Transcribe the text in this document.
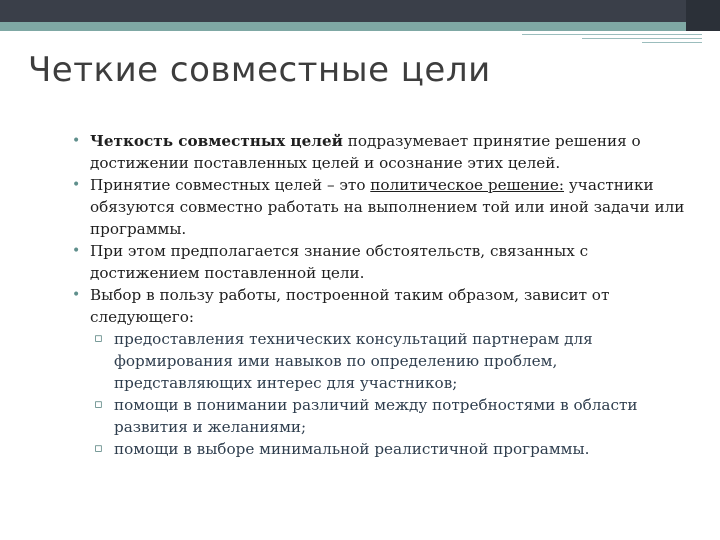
Четкие совместные цели
• Четкость совместных целей подразумевает принятие решения о достижении поставленных целей и осознание этих целей.
• Принятие совместных целей – это политическое решение: участники обязуются совместно работать на выполнением той или иной задачи или программы.
• При этом предполагается знание обстоятельств, связанных с достижением поставленной цели.
• Выбор в пользу работы, построенной таким образом, зависит от следующего:
▫ предоставления технических консультаций партнерам для формирования ими навыков по определению проблем, представляющих интерес для участников;
▫ помощи в понимании различий между потребностями в области развития и желаниями;
▫ помощи в выборе минимальной реалистичной программы.
